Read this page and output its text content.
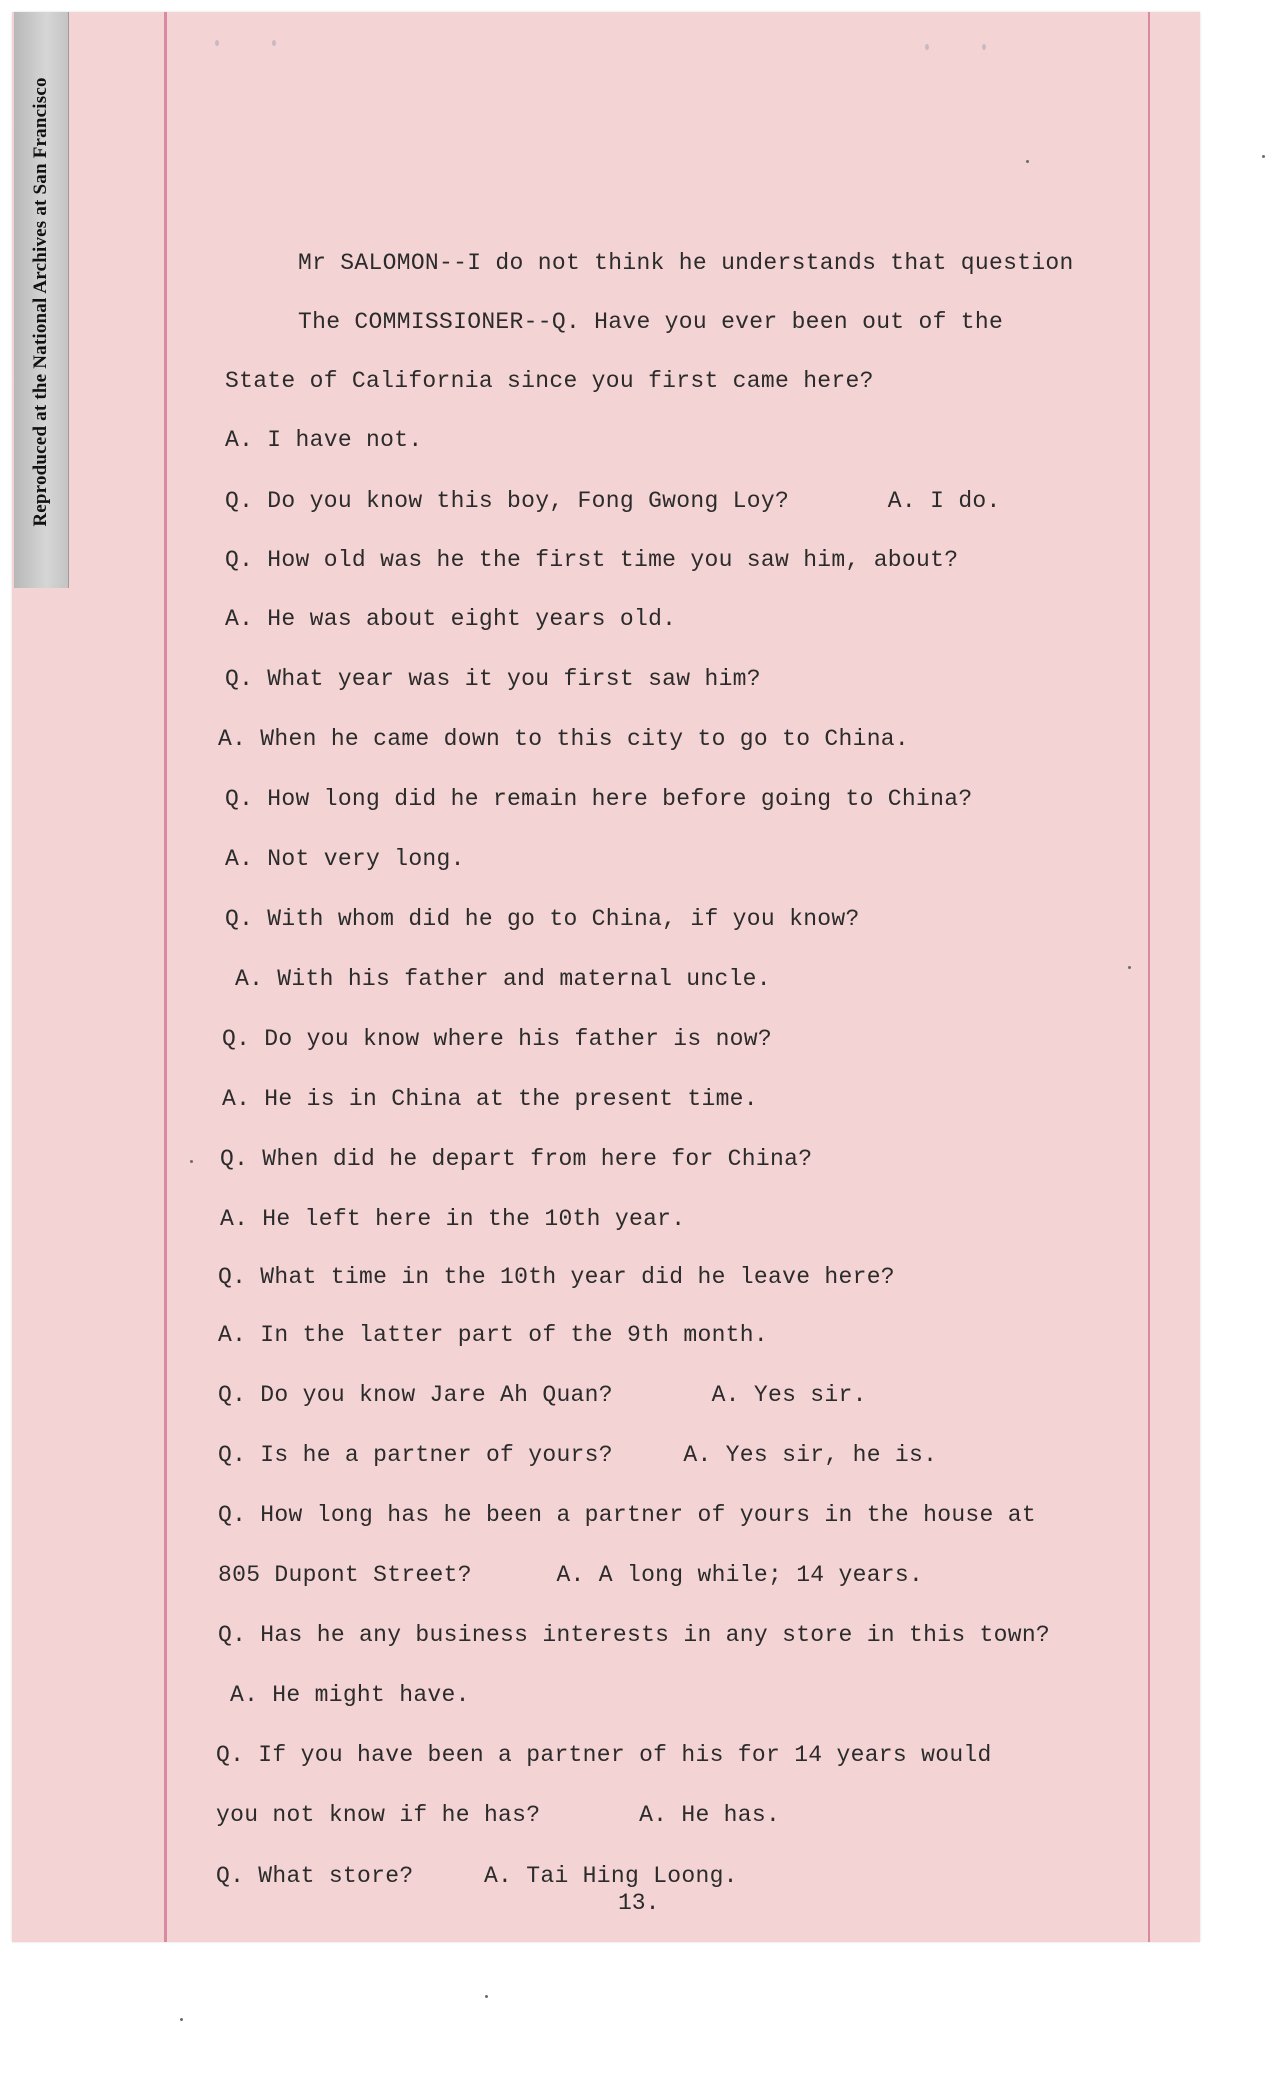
Reproduced at the National Archives at San Francisco	Mr SALOMON--I do not think he understands that question
The COMMISSIONER--Q. Have you ever been out of the
State of California since you first came here?
A. I have not.
Q. Do you know this boy, Fong Gwong Loy?       A. I do.
Q. How old was he the first time you saw him, about?
A. He was about eight years old.
Q. What year was it you first saw him?
A. When he came down to this city to go to China.
Q. How long did he remain here before going to China?
A. Not very long.
Q. With whom did he go to China, if you know?
A. With his father and maternal uncle.
Q. Do you know where his father is now?
A. He is in China at the present time.
Q. When did he depart from here for China?
A. He left here in the 10th year.
Q. What time in the 10th year did he leave here?
A. In the latter part of the 9th month.
Q. Do you know Jare Ah Quan?       A. Yes sir.
Q. Is he a partner of yours?     A. Yes sir, he is.
Q. How long has he been a partner of yours in the house at
805 Dupont Street?      A. A long while; 14 years.
Q. Has he any business interests in any store in this town?
A. He might have.
Q. If you have been a partner of his for 14 years would
you not know if he has?       A. He has.
Q. What store?     A. Tai Hing Loong.
13.
